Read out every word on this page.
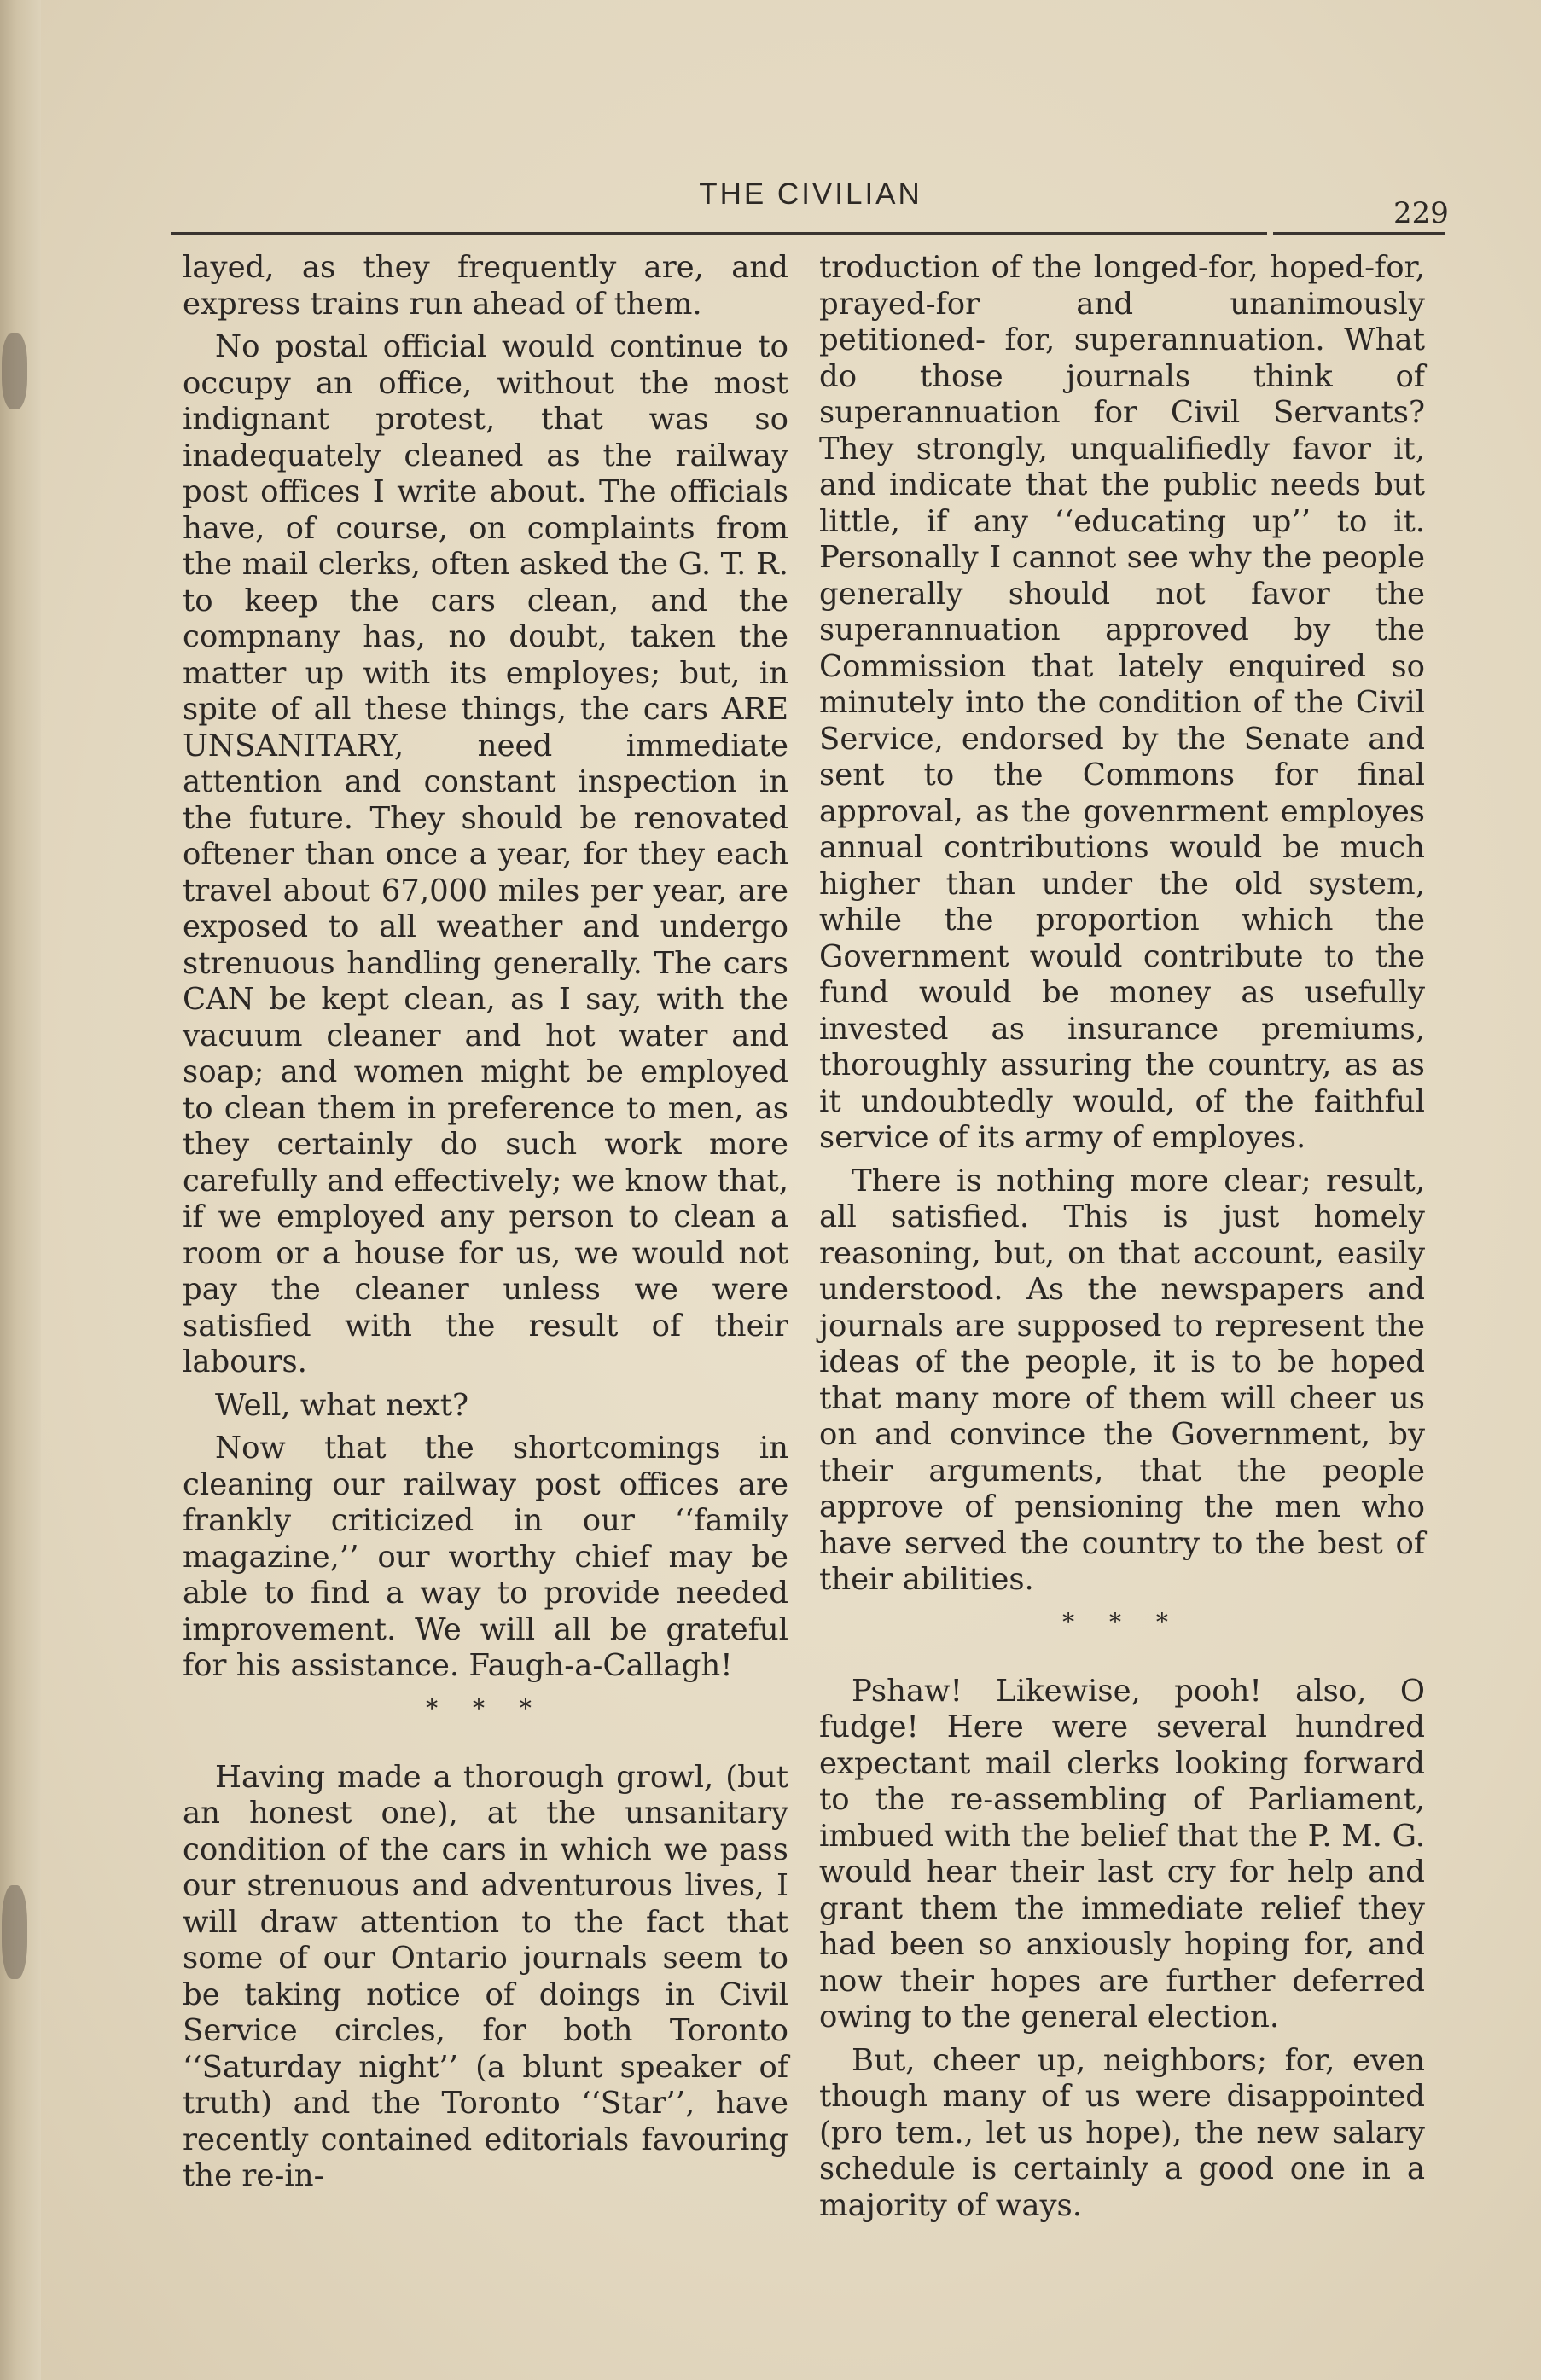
THE CIVILIAN
229

layed, as they frequently are, and express trains run ahead of them.

No postal official would continue to occupy an office, without the most indignant protest, that was so inadequately cleaned as the railway post offices I write about. The officials have, of course, on complaints from the mail clerks, often asked the G. T. R. to keep the cars clean, and the compnany has, no doubt, taken the matter up with its employes; but, in spite of all these things, the cars ARE UNSANITARY, need immediate attention and constant inspection in the future. They should be renovated oftener than once a year, for they each travel about 67,000 miles per year, are exposed to all weather and undergo strenuous handling generally. The cars CAN be kept clean, as I say, with the vacuum cleaner and hot water and soap; and women might be employed to clean them in preference to men, as they certainly do such work more carefully and effectively; we know that, if we employed any person to clean a room or a house for us, we would not pay the cleaner unless we were satisfied with the result of their labours.

Well, what next?

Now that the shortcomings in cleaning our railway post offices are frankly criticized in our ‘‘family magazine,’’ our worthy chief may be able to find a way to provide needed improvement. We will all be grateful for his assistance. Faugh-a-Callagh!

* * *

Having made a thorough growl, (but an honest one), at the unsanitary condition of the cars in which we pass our strenuous and adventurous lives, I will draw attention to the fact that some of our Ontario journals seem to be taking notice of doings in Civil Service circles, for both Toronto ‘‘Saturday night’’ (a blunt speaker of truth) and the Toronto ‘‘Star’’, have recently contained editorials favouring the re-in-

troduction of the longed-for, hoped-for, prayed-for and unanimously petitioned- for, superannuation. What do those journals think of superannuation for Civil Servants? They strongly, unqualifiedly favor it, and indicate that the public needs but little, if any ‘‘educating up’’ to it. Personally I cannot see why the people generally should not favor the superannuation approved by the Commission that lately enquired so minutely into the condition of the Civil Service, endorsed by the Senate and sent to the Commons for final approval, as the govenrment employes annual contributions would be much higher than under the old system, while the proportion which the Government would contribute to the fund would be money as usefully invested as insurance premiums, thoroughly assuring the country, as as it undoubtedly would, of the faithful service of its army of employes.

There is nothing more clear; result, all satisfied. This is just homely reasoning, but, on that account, easily understood. As the newspapers and journals are supposed to represent the ideas of the people, it is to be hoped that many more of them will cheer us on and convince the Government, by their arguments, that the people approve of pensioning the men who have served the country to the best of their abilities.

* * *

Pshaw! Likewise, pooh! also, O fudge! Here were several hundred expectant mail clerks looking forward to the re-assembling of Parliament, imbued with the belief that the P. M. G. would hear their last cry for help and grant them the immediate relief they had been so anxiously hoping for, and now their hopes are further deferred owing to the general election.

But, cheer up, neighbors; for, even though many of us were disappointed (pro tem., let us hope), the new salary schedule is certainly a good one in a majority of ways.
